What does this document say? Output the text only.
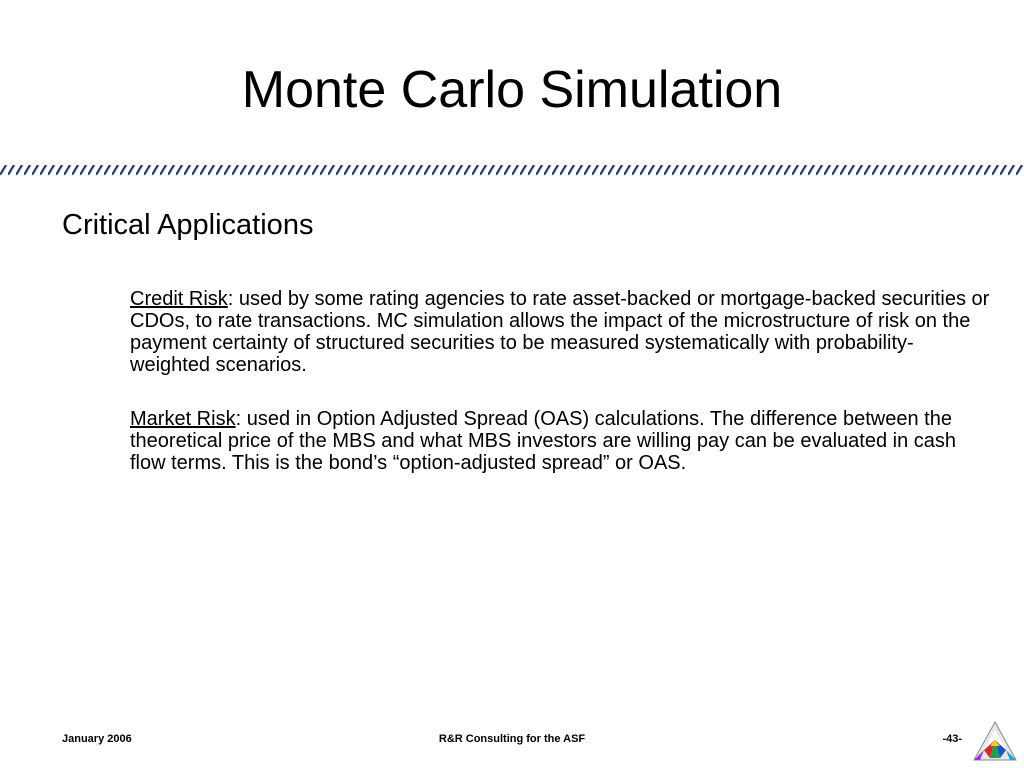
Monte Carlo Simulation
Critical Applications

Credit Risk: used by some rating agencies to rate asset-backed or mortgage-backed securities or CDOs, to rate transactions. MC simulation allows the impact of the microstructure of risk on the payment certainty of structured securities to be measured systematically with probability-weighted scenarios.

Market Risk: used in Option Adjusted Spread (OAS) calculations. The difference between the theoretical price of the MBS and what MBS investors are willing pay can be evaluated in cash flow terms. This is the bond’s “option-adjusted spread” or OAS.

January 2006	R&R Consulting for the ASF	-43-
